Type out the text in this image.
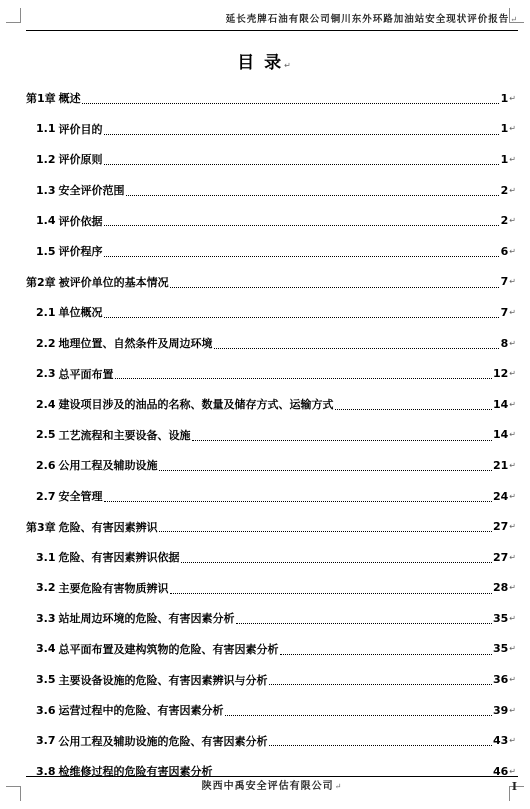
延长壳牌石油有限公司铜川东外环路加油站安全现状评价报告↵
目 录↵
第1章 概述	1 ↵
1.1 评价目的	1 ↵
1.2 评价原则	1 ↵
1.3 安全评价范围	2 ↵
1.4 评价依据	2 ↵
1.5 评价程序	6 ↵
第2章 被评价单位的基本情况	7 ↵
2.1 单位概况	7 ↵
2.2 地理位置、自然条件及周边环境	8 ↵
2.3 总平面布置	12 ↵
2.4 建设项目涉及的油品的名称、数量及储存方式、运输方式	14 ↵
2.5 工艺流程和主要设备、设施	14 ↵
2.6 公用工程及辅助设施	21 ↵
2.7 安全管理	24 ↵
第3章 危险、有害因素辨识	27 ↵
3.1 危险、有害因素辨识依据	27 ↵
3.2 主要危险有害物质辨识	28 ↵
3.3 站址周边环境的危险、有害因素分析	35 ↵
3.4 总平面布置及建构筑物的危险、有害因素分析	35 ↵
3.5 主要设备设施的危险、有害因素辨识与分析	36 ↵
3.6 运营过程中的危险、有害因素分析	39 ↵
3.7 公用工程及辅助设施的危险、有害因素分析	43 ↵
3.8 检维修过程的危险有害因素分析	46 ↵
陕西中禹安全评估有限公司↵	I
